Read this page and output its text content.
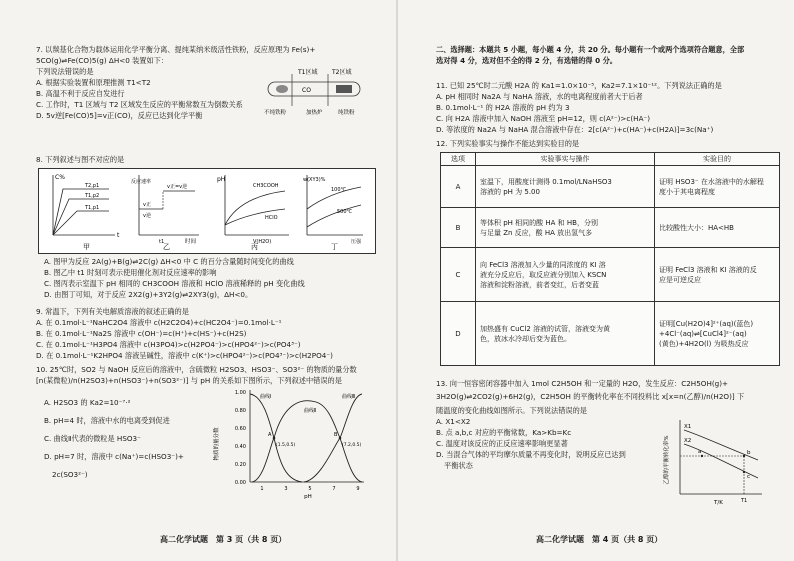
7. 以羰基化合物为载体运用化学平衡分离、提纯某纳米级活性铁粉，反应原理为 Fe(s)+
5CO(g)⇌Fe(CO)5(g) ΔH<0 装置如下：
下列说法错误的是
A. 根据实验装置和原理推测 T1<T2
B. 高温不利于反应自发进行
C. 工作时，T1 区域与 T2 区域发生反应的平衡常数互为倒数关系
D. 5v逆[Fe(CO)5]=v正(CO)，反应已达到化学平衡
T1区域 T2区域
CO
不纯铁粉	加热炉	纯铁粉
8. 下列叙述与图不对应的是
C%
t
T2,p1
T1,p2
T1,p1
甲
反应速率
时间
t1
v正=v逆
v正
v逆
乙
pH
V(H2O)
CH3COOH
HClO
丙
w(XY3)%
压强
100℃
500℃
丁
A. 图甲为反应 2A(g)+B(g)⇌2C(g) ΔH<0 中 C 的百分含量随时间变化的曲线
B. 图乙中 t1 时刻可表示使用催化剂对反应速率的影响
C. 图丙表示室温下 pH 相同的 CH3COOH 溶液和 HClO 溶液稀释的 pH 变化曲线
D. 由图丁可知，对于反应 2X2(g)+3Y2(g)⇌2XY3(g)，ΔH<0。
9. 常温下，下列有关电解质溶液的叙述正确的是
A. 在 0.1mol·L⁻¹NaHC2O4 溶液中 c(H2C2O4)+c(HC2O4⁻)=0.1mol·L⁻¹
B. 在 0.1mol·L⁻¹Na2S 溶液中 c(OH⁻)=c(H⁺)+c(HS⁻)+c(H2S)
C. 在 0.1mol·L⁻¹H3PO4 溶液中 c(H3PO4)>c(H2PO4⁻)>c(HPO4²⁻)>c(PO4³⁻)
D. 在 0.1mol·L⁻¹K2HPO4 溶液呈碱性，溶液中 c(K⁺)>c(HPO4²⁻)>c(PO4³⁻)>c(H2PO4⁻)
10. 25℃时，SO2 与 NaOH 反应后的溶液中，含硫微粒 H2SO3、HSO3⁻、SO3²⁻ 的物质的量分数
[n(某微粒)/n(H2SO3)+n(HSO3⁻)+n(SO3²⁻)] 与 pH 的关系如下图所示，下列叙述中错误的是
A. H2SO3 的 Ka2=10⁻⁷·²
B. pH=4 时，溶液中水的电离受到促进
C. 曲线Ⅱ代表的微粒是 HSO3⁻
D. pH=7 时，溶液中 c(Na⁺)=c(HSO3⁻)+
2c(SO3²⁻)
物质的量分数
0.00
0.20
0.40
0.60
0.80
1.00
1	3	5	7	9
pH
曲线Ⅰ
曲线Ⅱ
曲线Ⅲ
A
(1.5,0.5)
B
(7.2,0.5)
高二化学试题　第 3 页（共 8 页）
二、选择题：本题共 5 小题，每小题 4 分，共 20 分。每小题有一个或两个选项符合题意，全部
选对得 4 分，选对但不全的得 2 分，有选错的得 0 分。
11. 已知 25℃时二元酸 H2A 的 Ka1=1.0×10⁻⁵，Ka2=7.1×10⁻¹²。下列说法正确的是
A. pH 相同时 Na2A 与 NaHA 溶液，水的电离程度前者大于后者
B. 0.1mol·L⁻¹ 的 H2A 溶液的 pH 约为 3
C. 向 H2A 溶液中加入 NaOH 溶液至 pH=12，则 c(A²⁻)>c(HA⁻)
D. 等浓度的 Na2A 与 NaHA 混合溶液中存在：2[c(A²⁻)+c(HA⁻)+c(H2A)]=3c(Na⁺)
12. 下列实验事实与操作不能达到实验目的是
选项	实验事实与操作	实验目的
A	室温下，用酸度计测得 0.1mol/LNaHSO3
溶液的 pH 为 5.00	证明 HSO3⁻ 在水溶液中的水解程
度小于其电离程度

B	等体积 pH 相同的酸 HA 和 HB，分别
与足量 Zn 反应，酸 HA 放出氢气多	比较酸性大小：HA<HB

C	向 FeCl3 溶液加入少量的同浓度的 KI 溶
液充分反应后，取反应液分别加入 KSCN
溶液和淀粉溶液，前者变红，后者变蓝	证明 FeCl3 溶液和 KI 溶液的反
应是可逆反应

D	加热盛有 CuCl2 溶液的试管，溶液变为黄
色，放冰水冷却后变为蓝色。	证明[Cu(H2O)4]²⁺(aq)(蓝色)
+4Cl⁻(aq)⇌[CuCl4]²⁻(aq)
(黄色)+4H2O(l) 为吸热反应
13. 向一恒容密闭容器中加入 1mol C2H5OH 和一定量的 H2O，发生反应：C2H5OH(g)+
3H2O(g)⇌2CO2(g)+6H2(g)，C2H5OH 的平衡转化率在不同投料比 x[x=n(乙醇)/n(H2O)] 下
随温度的变化曲线如图所示。下列说法错误的是
A. X1<X2
B. 点 a,b,c 对应的平衡常数，Ka>Kb=Kc
C. 温度对该反应的正反应速率影响更显著
D. 当混合气体的平均摩尔质量不再变化时，说明反应已达到
平衡状态	乙醇的平衡转化率%
X1
X2
a	b
c
T1
T/K
高二化学试题　第 4 页（共 8 页）
